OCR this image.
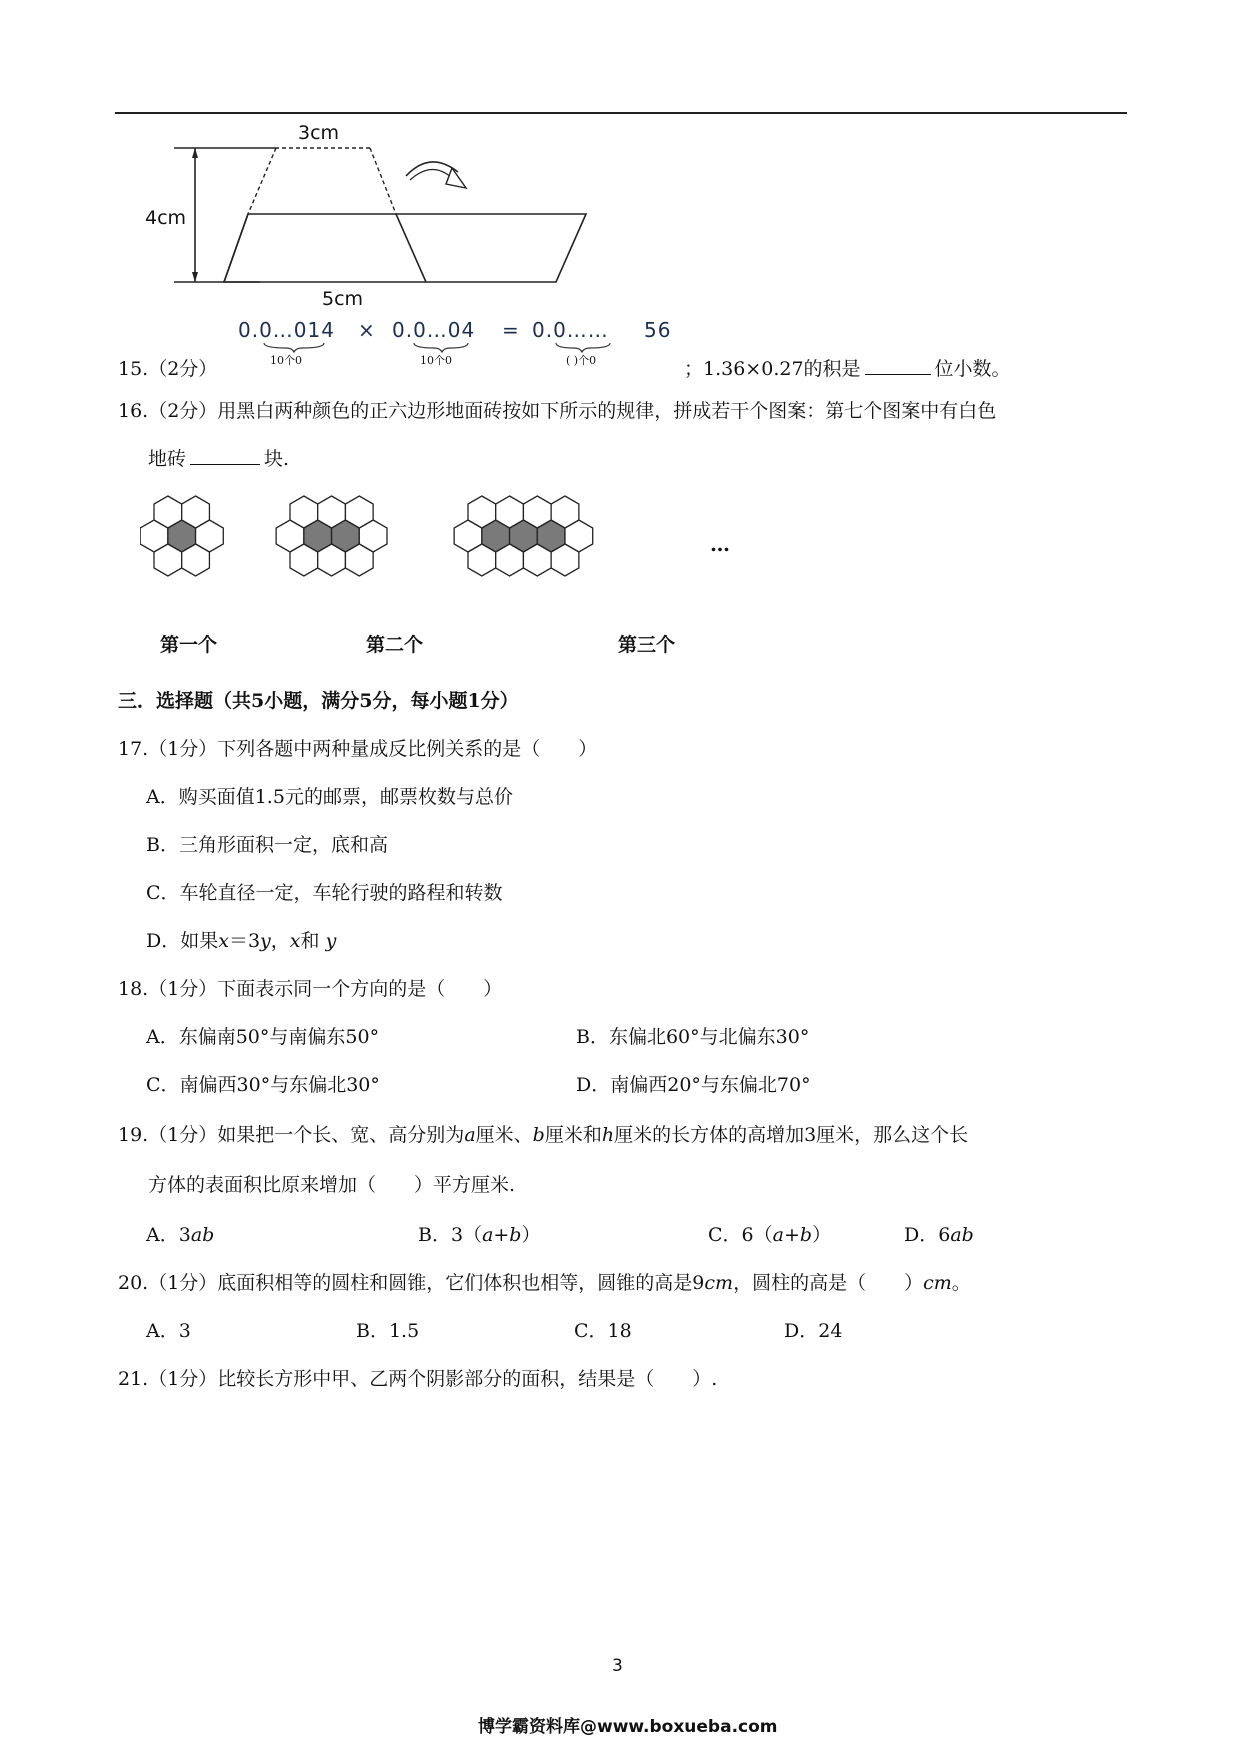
3cm
4cm
5cm
0.0…014 × 0.0…04 = 0.0…… 56
10个0	10个0	( )个0
15.（2分）	；1.36×0.27的积是	位小数。
16.（2分）用黑白两种颜色的正六边形地面砖按如下所示的规律，拼成若干个图案：第七个图案中有白色
地砖	块.
…
第一个	第二个	第三个
三．选择题（共5小题，满分5分，每小题1分）
17.（1分）下列各题中两种量成反比例关系的是（　　）
A．购买面值1.5元的邮票，邮票枚数与总价
B．三角形面积一定，底和高
C．车轮直径一定，车轮行驶的路程和转数
D．如果x＝3y，x和 y
18.（1分）下面表示同一个方向的是（　　）
A．东偏南50°与南偏东50°	B．东偏北60°与北偏东30°
C．南偏西30°与东偏北30°	D．南偏西20°与东偏北70°
19.（1分）如果把一个长、宽、高分别为a厘米、b厘米和h厘米的长方体的高增加3厘米，那么这个长
方体的表面积比原来增加（　　）平方厘米.
A．3ab	B．3（a+b）	C．6（a+b）	D．6ab
20.（1分）底面积相等的圆柱和圆锥，它们体积也相等，圆锥的高是9cm，圆柱的高是（　　）cm。
A．3	B．1.5	C．18	D．24
21.（1分）比较长方形中甲、乙两个阴影部分的面积，结果是（　　）.
3
博学霸资料库@www.boxueba.com
